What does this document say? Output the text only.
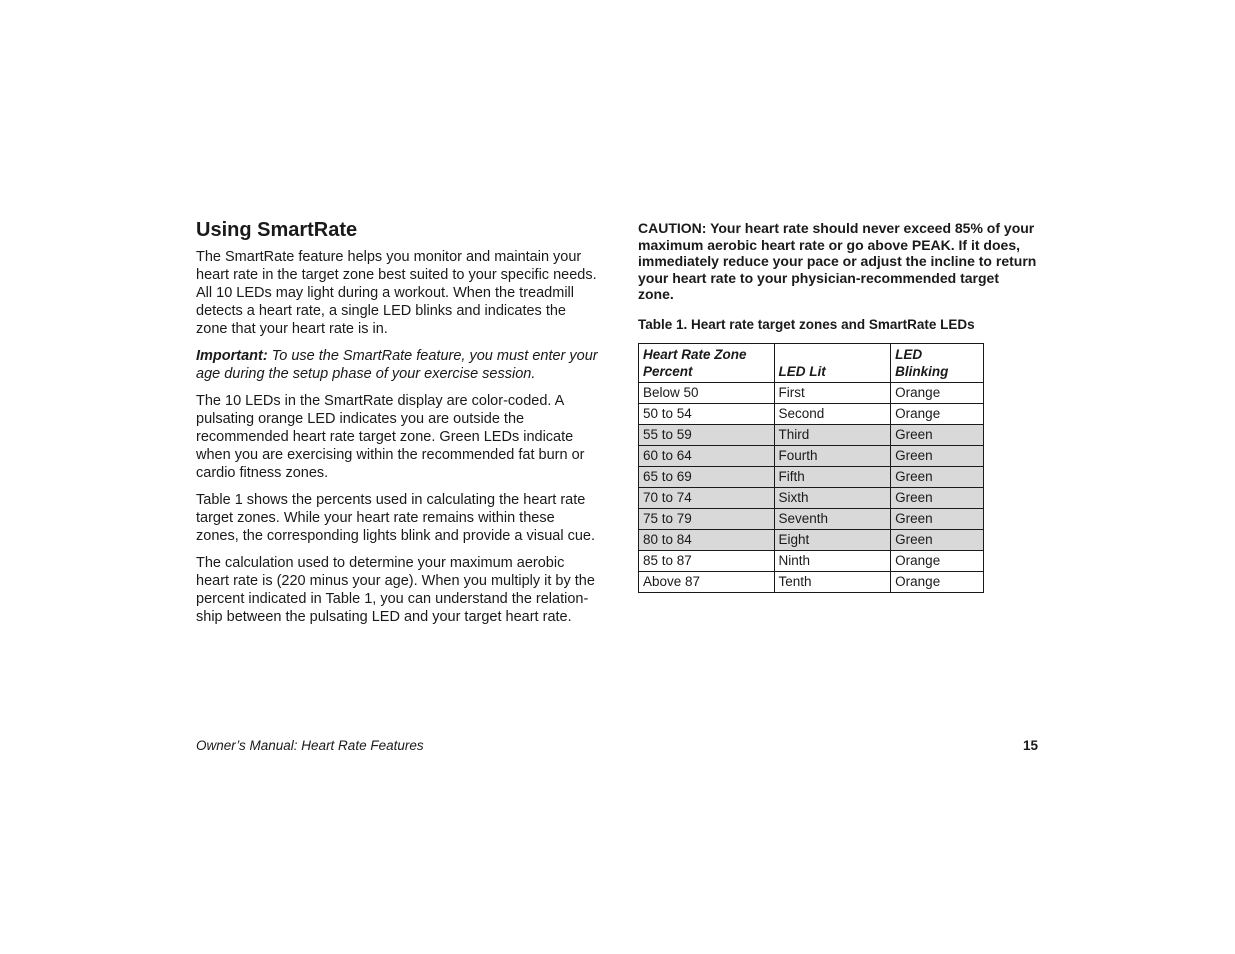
Using SmartRate

The SmartRate feature helps you monitor and maintain your heart rate in the target zone best suited to your specific needs. All 10 LEDs may light during a workout. When the treadmill detects a heart rate, a single LED blinks and indicates the zone that your heart rate is in.

Important: To use the SmartRate feature, you must enter your age during the setup phase of your exercise session.

The 10 LEDs in the SmartRate display are color-coded. A pulsating orange LED indicates you are outside the recommended heart rate target zone. Green LEDs indicate when you are exercising within the recommended fat burn or cardio fitness zones.

Table 1 shows the percents used in calculating the heart rate target zones. While your heart rate remains within these zones, the corresponding lights blink and provide a visual cue.

The calculation used to determine your maximum aerobic heart rate is (220 minus your age). When you multiply it by the percent indicated in Table 1, you can understand the relation-ship between the pulsating LED and your target heart rate.

CAUTION: Your heart rate should never exceed 85% of your maximum aerobic heart rate or go above PEAK. If it does, immediately reduce your pace or adjust the incline to return your heart rate to your physician-recommended target zone.

Table 1. Heart rate target zones and SmartRate LEDs

Heart Rate Zone Percent	LED Lit	LED Blinking
Below 50	First	Orange
50 to 54	Second	Orange
55 to 59	Third	Green
60 to 64	Fourth	Green
65 to 69	Fifth	Green
70 to 74	Sixth	Green
75 to 79	Seventh	Green
80 to 84	Eight	Green
85 to 87	Ninth	Orange
Above 87	Tenth	Orange
Owner’s Manual: Heart Rate Features	15
